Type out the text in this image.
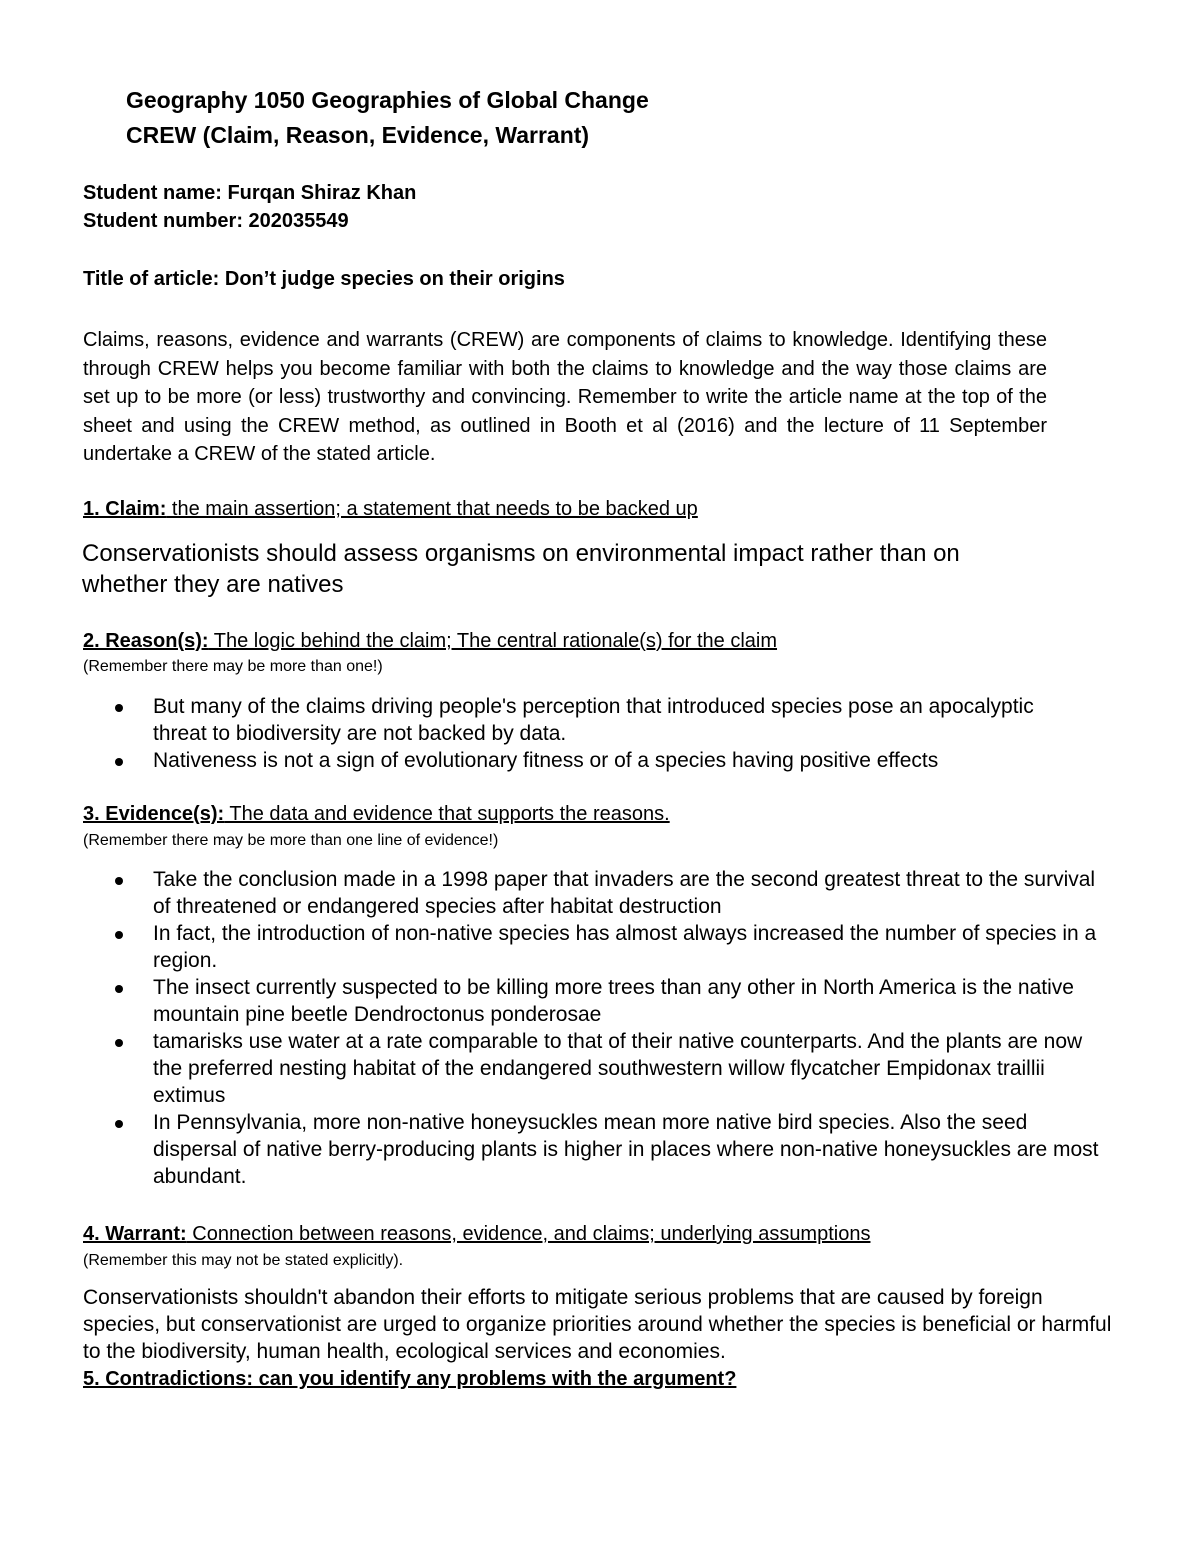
Geography 1050 Geographies of Global Change
CREW (Claim, Reason, Evidence, Warrant)
Student name: Furqan Shiraz Khan
Student number: 202035549
Title of article: Don’t judge species on their origins
Claims, reasons, evidence and warrants (CREW) are components of claims to knowledge. Identifying these through CREW helps you become familiar with both the claims to knowledge and the way those claims are set up to be more (or less) trustworthy and convincing. Remember to write the article name at the top of the sheet and using the CREW method, as outlined in Booth et al (2016) and the lecture of 11 September undertake a CREW of the stated article.
1. Claim: the main assertion; a statement that needs to be backed up
Conservationists should assess organisms on environmental impact rather than on whether they are natives
2. Reason(s): The logic behind the claim; The central rationale(s) for the claim
(Remember there may be more than one!)
But many of the claims driving people's perception that introduced species pose an apocalyptic threat to biodiversity are not backed by data.
Nativeness is not a sign of evolutionary fitness or of a species having positive effects
3. Evidence(s): The data and evidence that supports the reasons.
(Remember there may be more than one line of evidence!)
Take the conclusion made in a 1998 paper that invaders are the second greatest threat to the survival of threatened or endangered species after habitat destruction
In fact, the introduction of non-native species has almost always increased the number of species in a region.
The insect currently suspected to be killing more trees than any other in North America is the native mountain pine beetle Dendroctonus ponderosae
tamarisks use water at a rate comparable to that of their native counterparts. And the plants are now the preferred nesting habitat of the endangered southwestern willow flycatcher Empidonax traillii extimus
In Pennsylvania, more non-native honeysuckles mean more native bird species. Also the seed dispersal of native berry-producing plants is higher in places where non-native honeysuckles are most abundant.
4. Warrant: Connection between reasons, evidence, and claims; underlying assumptions
(Remember this may not be stated explicitly).
Conservationists shouldn't abandon their efforts to mitigate serious problems that are caused by foreign species, but conservationist are urged to organize priorities around whether the species is beneficial or harmful to the biodiversity, human health, ecological services and economies.
5. Contradictions: can you identify any problems with the argument?
